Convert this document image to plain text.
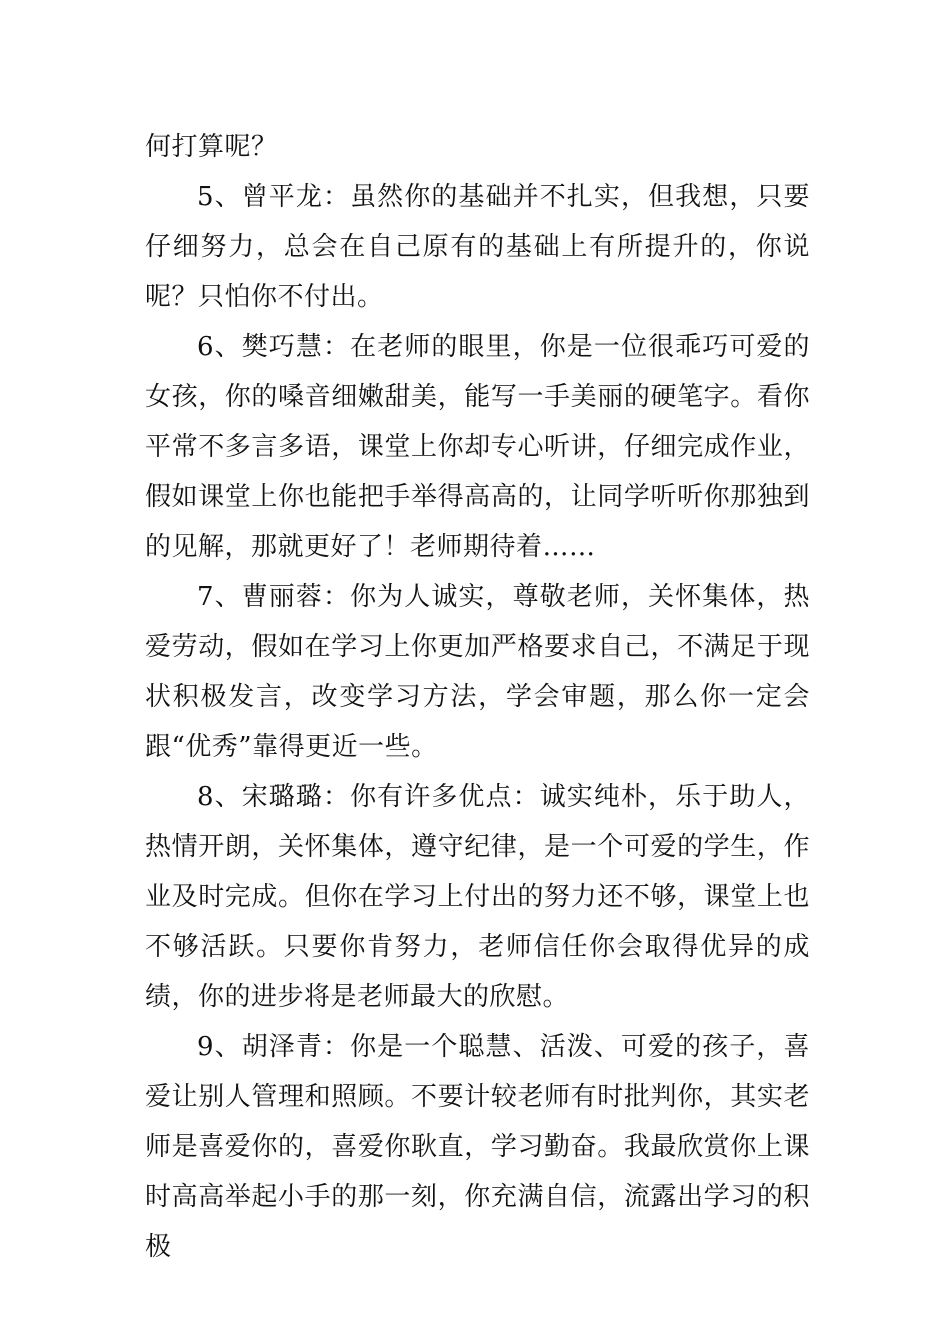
何打算呢？

5、曾平龙：虽然你的基础并不扎实，但我想，只要仔细努力，总会在自己原有的基础上有所提升的，你说呢？只怕你不付出。

6、樊巧慧：在老师的眼里，你是一位很乖巧可爱的女孩，你的嗓音细嫩甜美，能写一手美丽的硬笔字。看你平常不多言多语，课堂上你却专心听讲，仔细完成作业，假如课堂上你也能把手举得高高的，让同学听听你那独到的见解，那就更好了！老师期待着……

7、曹丽蓉：你为人诚实，尊敬老师，关怀集体，热爱劳动，假如在学习上你更加严格要求自己，不满足于现状积极发言，改变学习方法，学会审题，那么你一定会跟“优秀”靠得更近一些。

8、宋璐璐：你有许多优点：诚实纯朴，乐于助人，热情开朗，关怀集体，遵守纪律，是一个可爱的学生，作业及时完成。但你在学习上付出的努力还不够，课堂上也不够活跃。只要你肯努力，老师信任你会取得优异的成绩，你的进步将是老师最大的欣慰。

9、胡泽青：你是一个聪慧、活泼、可爱的孩子，喜爱让别人管理和照顾。不要计较老师有时批判你，其实老师是喜爱你的，喜爱你耿直，学习勤奋。我最欣赏你上课时高高举起小手的那一刻，你充满自信，流露出学习的积极
